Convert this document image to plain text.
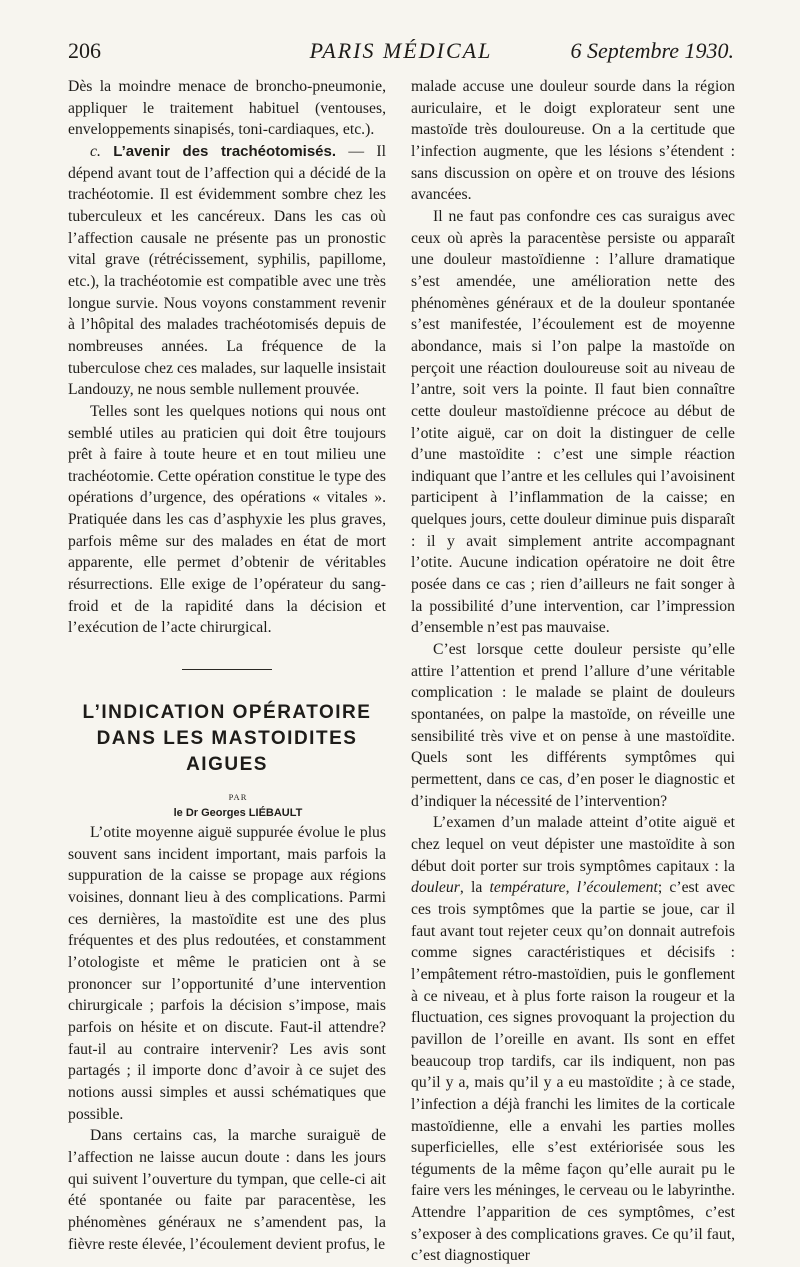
206	PARIS MÉDICAL	6 Septembre 1930.

Dès la moindre menace de broncho-pneumonie, appliquer le traitement habituel (ventouses, enveloppements sinapisés, toni-cardiaques, etc.).

c. L’avenir des trachéotomisés. — Il dépend avant tout de l’affection qui a décidé de la trachéotomie. Il est évidemment sombre chez les tuberculeux et les cancéreux. Dans les cas où l’affection causale ne présente pas un pronostic vital grave (rétrécissement, syphilis, papillome, etc.), la trachéotomie est compatible avec une très longue survie. Nous voyons constamment revenir à l’hôpital des malades trachéotomisés depuis de nombreuses années. La fréquence de la tuberculose chez ces malades, sur laquelle insistait Landouzy, ne nous semble nullement prouvée.

Telles sont les quelques notions qui nous ont semblé utiles au praticien qui doit être toujours prêt à faire à toute heure et en tout milieu une trachéotomie. Cette opération constitue le type des opérations d’urgence, des opérations « vitales ». Pratiquée dans les cas d’asphyxie les plus graves, parfois même sur des malades en état de mort apparente, elle permet d’obtenir de véritables résurrections. Elle exige de l’opérateur du sang-froid et de la rapidité dans la décision et l’exécution de l’acte chirurgical.

L’INDICATION OPÉRATOIRE
DANS LES MASTOIDITES
AIGUES

PAR

le Dr Georges LIÉBAULT

L’otite moyenne aiguë suppurée évolue le plus souvent sans incident important, mais parfois la suppuration de la caisse se propage aux régions voisines, donnant lieu à des complications. Parmi ces dernières, la mastoïdite est une des plus fréquentes et des plus redoutées, et constamment l’otologiste et même le praticien ont à se prononcer sur l’opportunité d’une intervention chirurgicale ; parfois la décision s’impose, mais parfois on hésite et on discute. Faut-il attendre? faut-il au contraire intervenir? Les avis sont partagés ; il importe donc d’avoir à ce sujet des notions aussi simples et aussi schématiques que possible.

Dans certains cas, la marche suraiguë de l’affection ne laisse aucun doute : dans les jours qui suivent l’ouverture du tympan, que celle-ci ait été spontanée ou faite par paracentèse, les phénomènes généraux ne s’amendent pas, la fièvre reste élevée, l’écoulement devient profus, le

malade accuse une douleur sourde dans la région auriculaire, et le doigt explorateur sent une mastoïde très douloureuse. On a la certitude que l’infection augmente, que les lésions s’étendent : sans discussion on opère et on trouve des lésions avancées.

Il ne faut pas confondre ces cas suraigus avec ceux où après la paracentèse persiste ou apparaît une douleur mastoïdienne : l’allure dramatique s’est amendée, une amélioration nette des phénomènes généraux et de la douleur spontanée s’est manifestée, l’écoulement est de moyenne abondance, mais si l’on palpe la mastoïde on perçoit une réaction douloureuse soit au niveau de l’antre, soit vers la pointe. Il faut bien connaître cette douleur mastoïdienne précoce au début de l’otite aiguë, car on doit la distinguer de celle d’une mastoïdite : c’est une simple réaction indiquant que l’antre et les cellules qui l’avoisinent participent à l’inflammation de la caisse; en quelques jours, cette douleur diminue puis disparaît : il y avait simplement antrite accompagnant l’otite. Aucune indication opératoire ne doit être posée dans ce cas ; rien d’ailleurs ne fait songer à la possibilité d’une intervention, car l’impression d’ensemble n’est pas mauvaise.

C’est lorsque cette douleur persiste qu’elle attire l’attention et prend l’allure d’une véritable complication : le malade se plaint de douleurs spontanées, on palpe la mastoïde, on réveille une sensibilité très vive et on pense à une mastoïdite. Quels sont les différents symptômes qui permettent, dans ce cas, d’en poser le diagnostic et d’indiquer la nécessité de l’intervention?

L’examen d’un malade atteint d’otite aiguë et chez lequel on veut dépister une mastoïdite à son début doit porter sur trois symptômes capitaux : la douleur, la température, l’écoulement; c’est avec ces trois symptômes que la partie se joue, car il faut avant tout rejeter ceux qu’on donnait autrefois comme signes caractéristiques et décisifs : l’empâtement rétro-mastoïdien, puis le gonflement à ce niveau, et à plus forte raison la rougeur et la fluctuation, ces signes provoquant la projection du pavillon de l’oreille en avant. Ils sont en effet beaucoup trop tardifs, car ils indiquent, non pas qu’il y a, mais qu’il y a eu mastoïdite ; à ce stade, l’infection a déjà franchi les limites de la corticale mastoïdienne, elle a envahi les parties molles superficielles, elle s’est extériorisée sous les téguments de la même façon qu’elle aurait pu le faire vers les méninges, le cerveau ou le labyrinthe. Attendre l’apparition de ces symptômes, c’est s’exposer à des complications graves. Ce qu’il faut, c’est diagnostiquer
